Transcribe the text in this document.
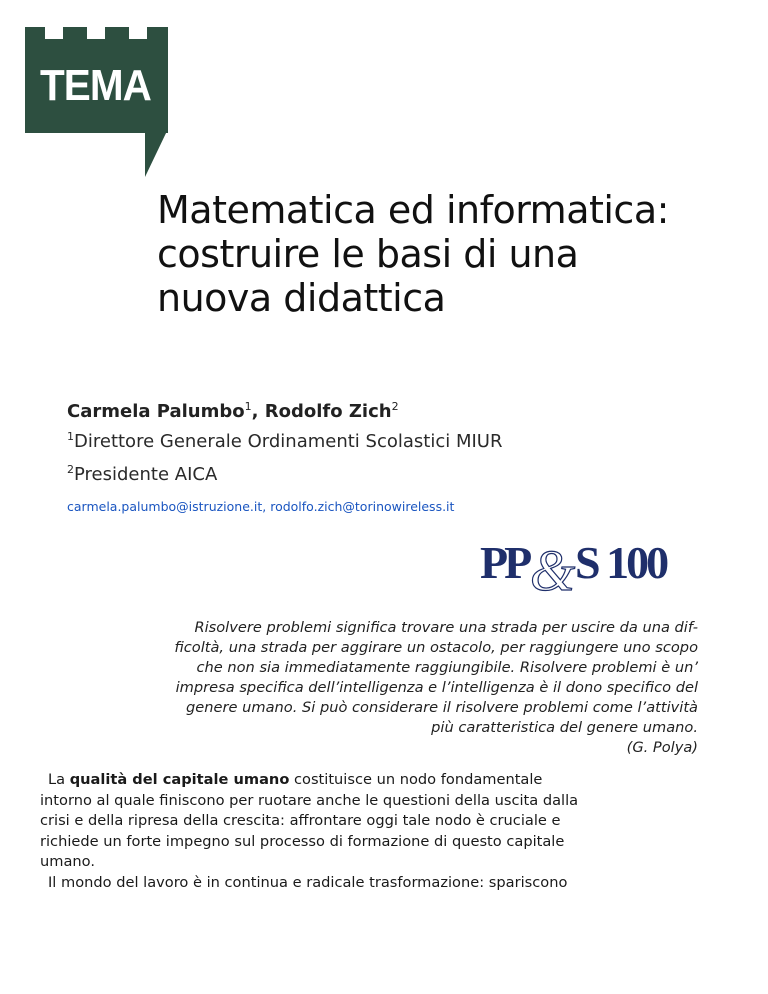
TEMA
Matematica ed informatica:
costruire le basi di una
nuova didattica
Carmela Palumbo$^1$, Rodolfo Zich$^2$
$^1$Direttore Generale Ordinamenti Scolastici MIUR
$^2$Presidente AICA
carmela.palumbo@istruzione.it, rodolfo.zich@torinowireless.it
PP & S 100
Risolvere problemi significa trovare una strada per uscire da una dif-
ficoltà, una strada per aggirare un ostacolo, per raggiungere uno scopo
che non sia immediatamente raggiungibile. Risolvere problemi è un’
impresa specifica dell’intelligenza e l’intelligenza è il dono specifico del
genere umano. Si può considerare il risolvere problemi come l’attività
più caratteristica del genere umano.
(G. Polya)
La qualità del capitale umano costituisce un nodo fondamentale
intorno al quale finiscono per ruotare anche le questioni della uscita dalla
crisi e della ripresa della crescita: affrontare oggi tale nodo è cruciale e
richiede un forte impegno sul processo di formazione di questo capitale
umano.
Il mondo del lavoro è in continua e radicale trasformazione: spariscono
